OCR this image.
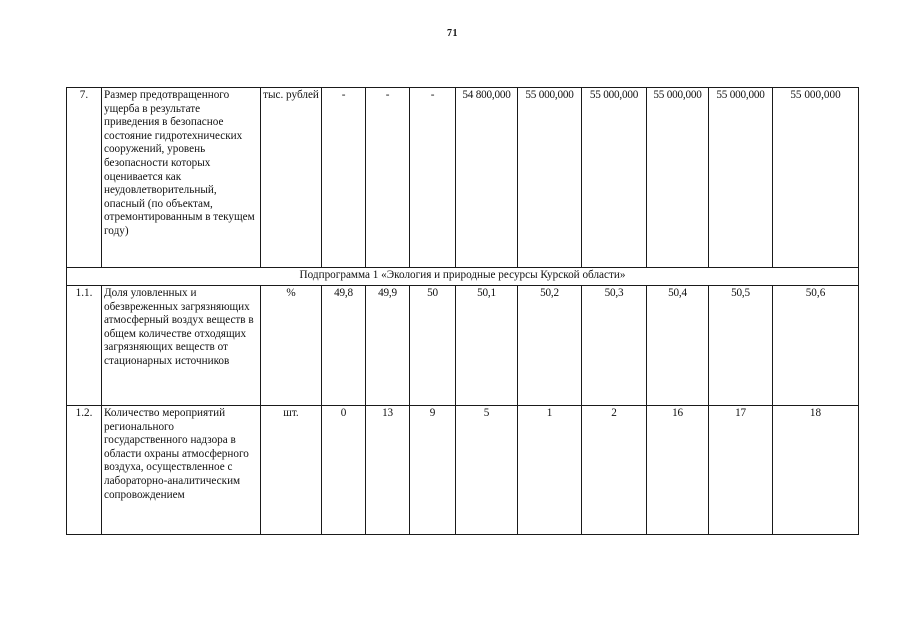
71
7.	Размер предотвращенного ущерба в результате приведения в безопасное состояние гидротехнических сооружений, уровень безопасности которых оценивается как неудовлетворительный, опасный (по объектам, отремонтированным в текущем году)	тыс. рублей	-	-	-	54 800,000	55 000,000	55 000,000	55 000,000	55 000,000	55 000,000
Подпрограмма 1 «Экология и природные ресурсы Курской области»											
1.1.	Доля уловленных и обезвреженных загрязняющих атмосферный воздух веществ в общем количестве отходящих загрязняющих веществ от стационарных источников	%	49,8	49,9	50	50,1	50,2	50,3	50,4	50,5	50,6
1.2.	Количество мероприятий регионального государственного надзора в области охраны атмосферного воздуха, осуществленное с лабораторно-аналитическим сопровождением	шт.	0	13	9	5	1	2	16	17	18
